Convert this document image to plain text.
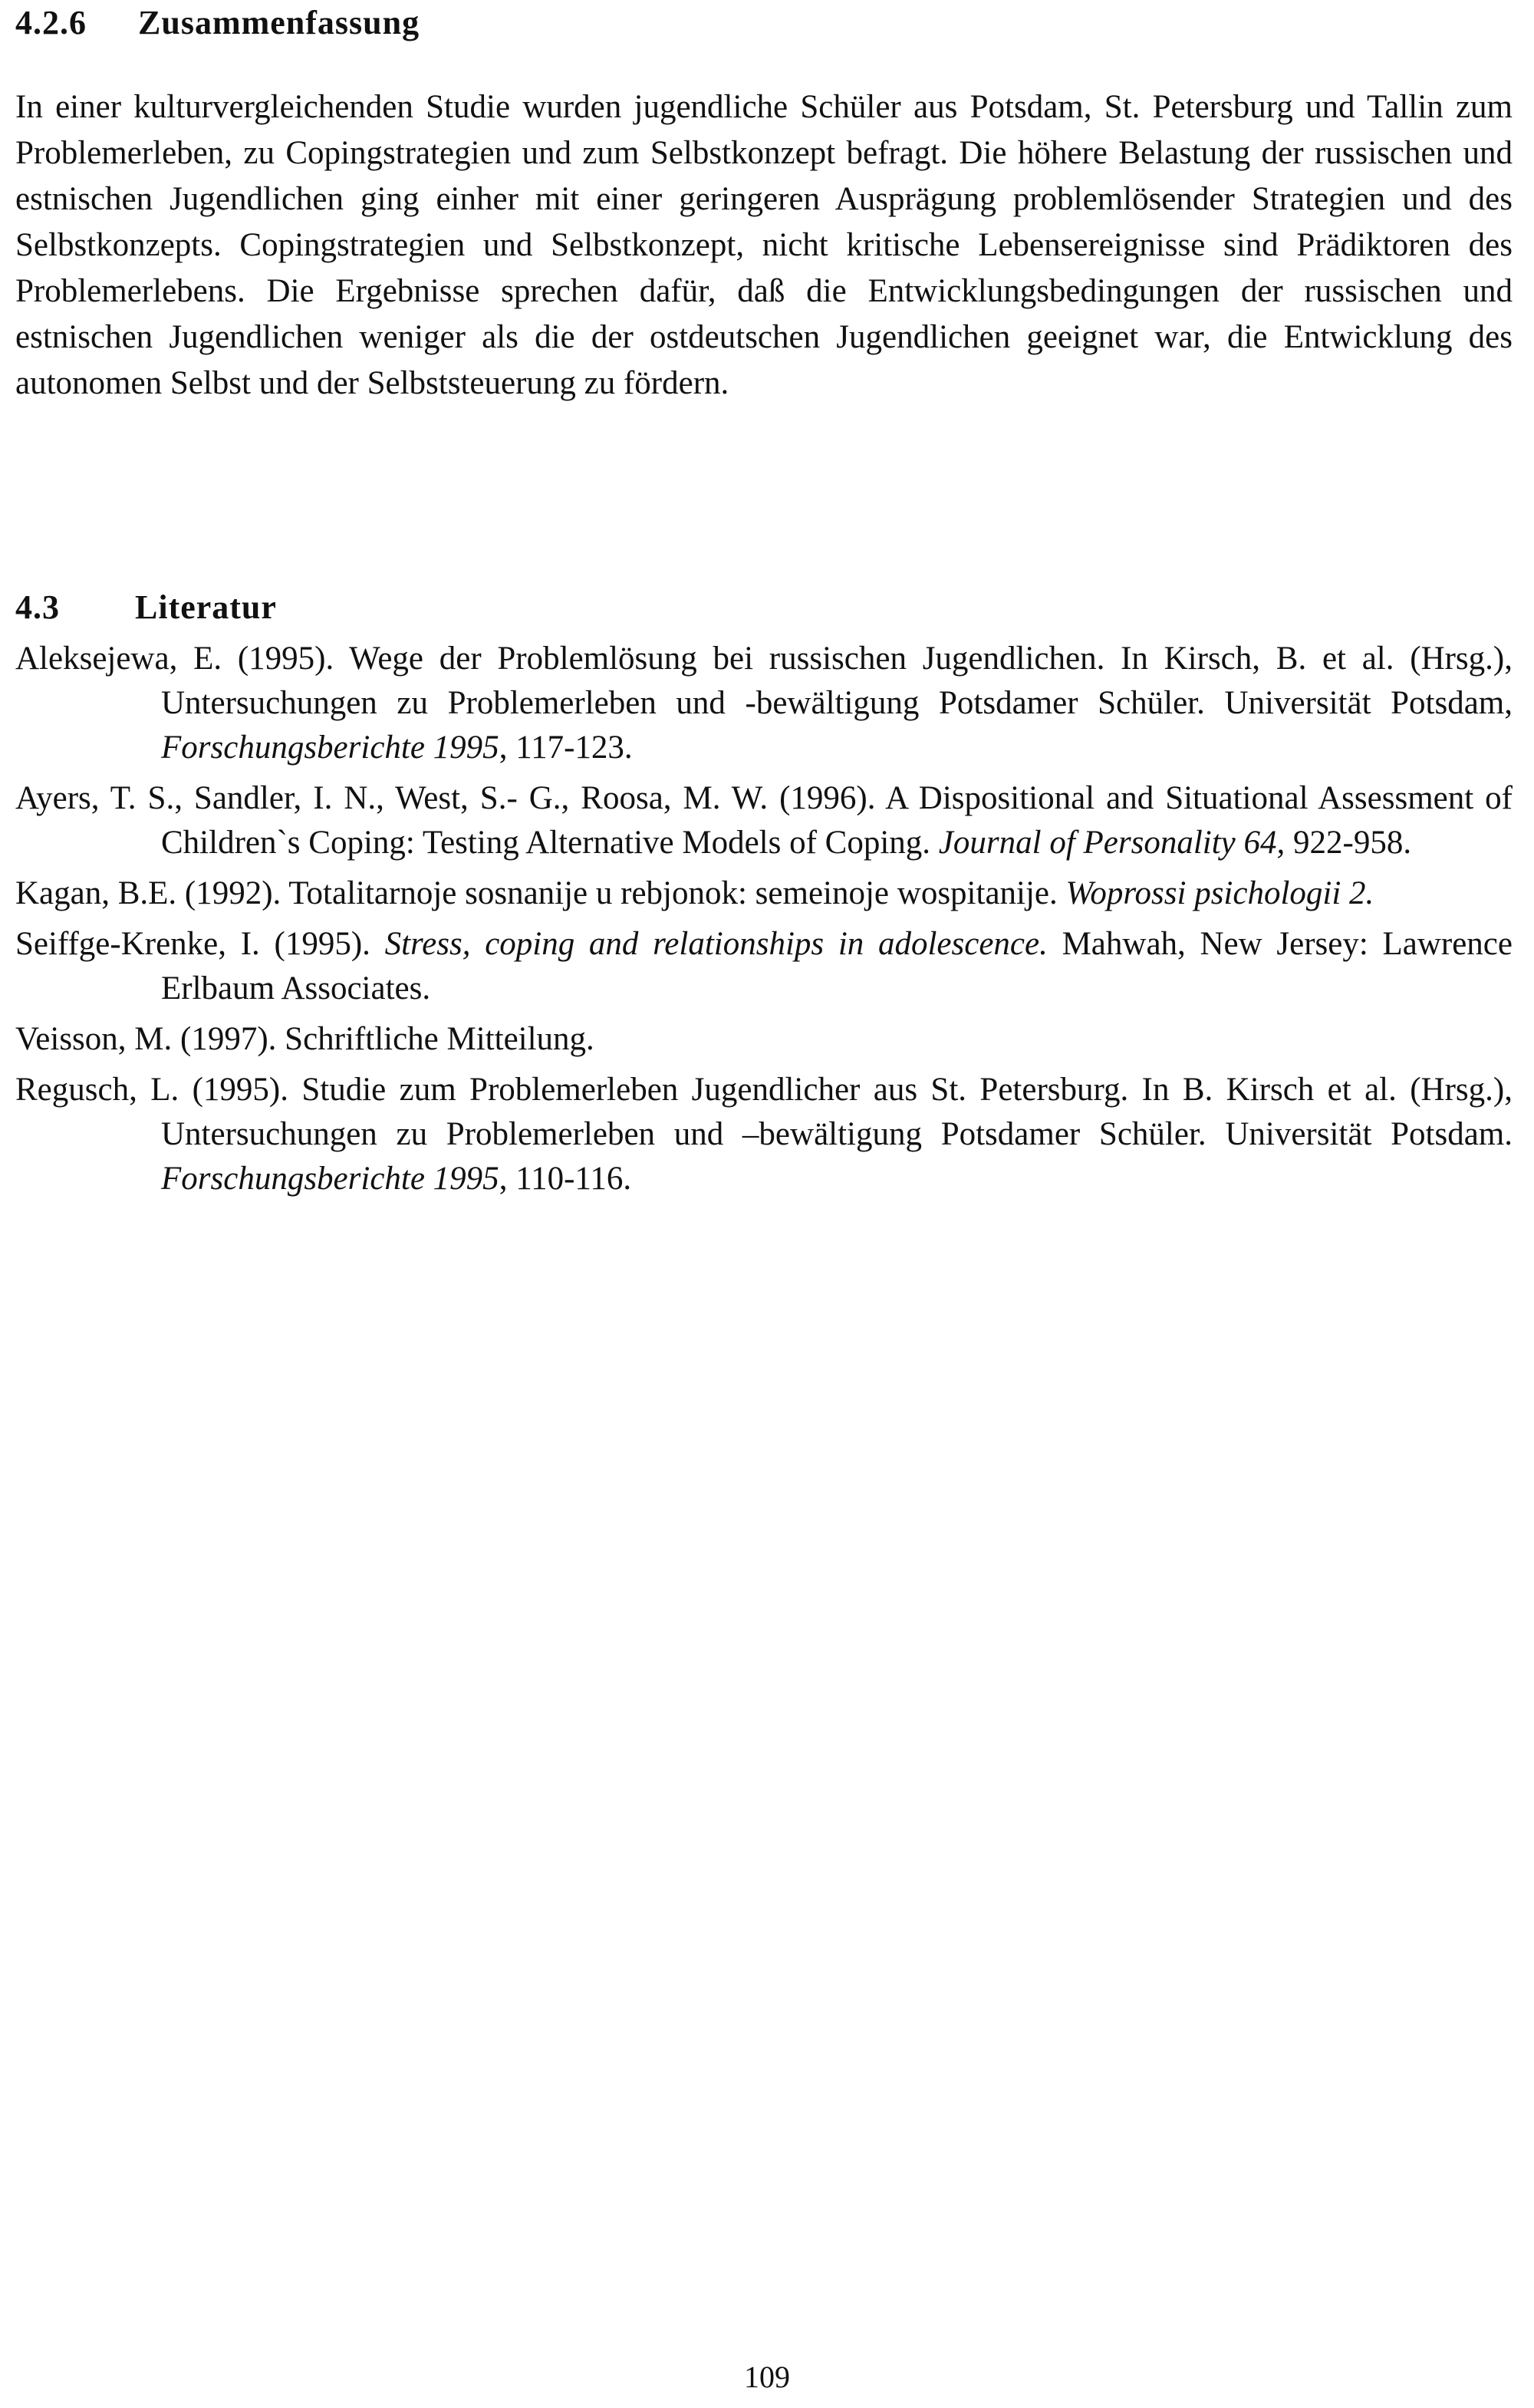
4.2.6 Zusammenfassung

In einer kulturvergleichenden Studie wurden jugendliche Schüler aus Potsdam, St. Petersburg und Tallin zum Problemerleben, zu Copingstrategien und zum Selbstkonzept befragt. Die höhere Belastung der russischen und estnischen Jugendlichen ging einher mit einer geringeren Ausprägung problemlösender Strategien und des Selbstkonzepts. Copingstrategien und Selbstkonzept, nicht kritische Lebensereignisse sind Prädiktoren des Problemerlebens. Die Ergebnisse sprechen dafür, daß die Entwicklungsbedingungen der russischen und estnischen Jugendlichen weniger als die der ostdeutschen Jugendlichen geeignet war, die Entwicklung des autonomen Selbst und der Selbststeuerung zu fördern.

4.3 Literatur
Aleksejewa, E. (1995). Wege der Problemlösung bei russischen Jugendlichen. In Kirsch, B. et al. (Hrsg.), Untersuchungen zu Problemerleben und -bewältigung Potsdamer Schüler. Universität Potsdam, Forschungsberichte 1995, 117-123.
Ayers, T. S., Sandler, I. N., West, S.- G., Roosa, M. W. (1996). A Dispositional and Situational Assessment of Children`s Coping: Testing Alternative Models of Coping. Journal of Personality 64, 922-958.
Kagan, B.E. (1992). Totalitarnoje sosnanije u rebjonok: semeinoje wospitanije. Woprossi psichologii 2.
Seiffge-Krenke, I. (1995). Stress, coping and relationships in adolescence. Mahwah, New Jersey: Lawrence Erlbaum Associates.
Veisson, M. (1997). Schriftliche Mitteilung.
Regusch, L. (1995). Studie zum Problemerleben Jugendlicher aus St. Petersburg. In B. Kirsch et al. (Hrsg.), Untersuchungen zu Problemerleben und –bewältigung Potsdamer Schüler. Universität Potsdam. Forschungsberichte 1995, 110-116.
109
